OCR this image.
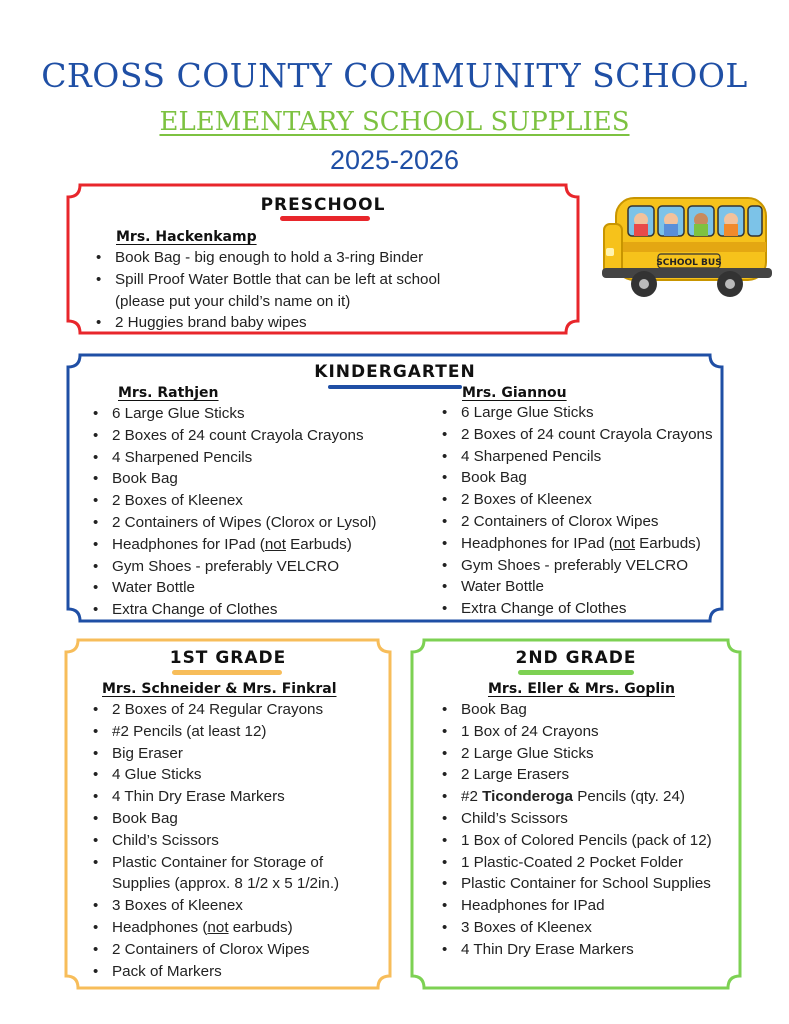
CROSS COUNTY COMMUNITY SCHOOL
ELEMENTARY SCHOOL SUPPLIES
2025-2026
SCHOOL BUS
PRESCHOOL
Mrs. Hackenkamp
• Book Bag - big enough to hold a 3-ring Binder
• Spill Proof Water Bottle that can be left at school
(please put your child’s name on it)
• 2 Huggies brand baby wipes
KINDERGARTEN
Mrs. Rathjen	Mrs. Giannou
• 6 Large Glue Sticks
• 2 Boxes of 24 count Crayola Crayons
• 4 Sharpened Pencils
• Book Bag
• 2 Boxes of Kleenex
• 2 Containers of Wipes (Clorox or Lysol)
• Headphones for IPad (not Earbuds)
• Gym Shoes - preferably VELCRO
• Water Bottle
• Extra Change of Clothes
• 6 Large Glue Sticks
• 2 Boxes of 24 count Crayola Crayons
• 4 Sharpened Pencils
• Book Bag
• 2 Boxes of Kleenex
• 2 Containers of Clorox Wipes
• Headphones for IPad (not Earbuds)
• Gym Shoes - preferably VELCRO
• Water Bottle
• Extra Change of Clothes
1ST GRADE
Mrs. Schneider & Mrs. Finkral
• 2 Boxes of 24 Regular Crayons
• #2 Pencils (at least 12)
• Big Eraser
• 4 Glue Sticks
• 4 Thin Dry Erase Markers
• Book Bag
• Child’s Scissors
• Plastic Container for Storage of
Supplies (approx. 8 1/2 x 5 1/2in.)
• 3 Boxes of Kleenex
• Headphones (not earbuds)
• 2 Containers of Clorox Wipes
• Pack of Markers
2ND GRADE
Mrs. Eller & Mrs. Goplin
• Book Bag
• 1 Box of 24 Crayons
• 2 Large Glue Sticks
• 2 Large Erasers
• #2 Ticonderoga Pencils (qty. 24)
• Child’s Scissors
• 1 Box of Colored Pencils (pack of 12)
• 1 Plastic-Coated 2 Pocket Folder
• Plastic Container for School Supplies
• Headphones for IPad
• 3 Boxes of Kleenex
• 4 Thin Dry Erase Markers
